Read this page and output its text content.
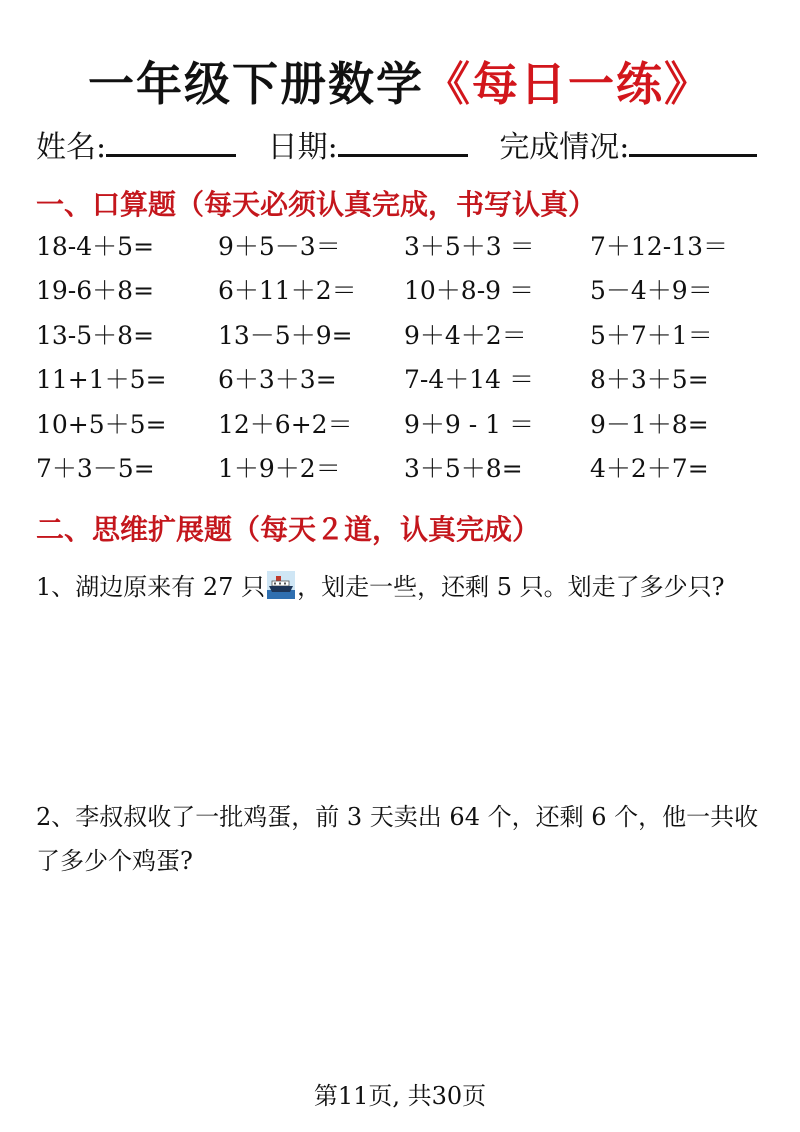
一年级下册数学《每日一练》
姓名:	日期:	完成情况:
一、口算题（每天必须认真完成，书写认真）
18-4＋5=	9＋5－3＝	3＋5＋3 ＝	7＋12-13＝
19-6＋8=	6＋11＋2＝	10＋8-9 ＝	5－4＋9＝
13-5＋8=	13－5＋9=	9＋4＋2＝	5＋7＋1＝
11+1＋5=	6＋3＋3=	7-4＋14 ＝	8＋3＋5=
10+5＋5=	12＋6+2＝	9＋9 - 1 ＝	9－1＋8=
7＋3－5=	1＋9＋2＝	3＋5＋8=	4＋2＋7=
二、思维扩展题（每天２道，认真完成）
1、湖边原来有 27 只 ，划走一些，还剩 5 只。划走了多少只?
2、李叔叔收了一批鸡蛋，前 3 天卖出 64 个，还剩 6 个，他一共收了多少个鸡蛋?
第11页, 共30页
